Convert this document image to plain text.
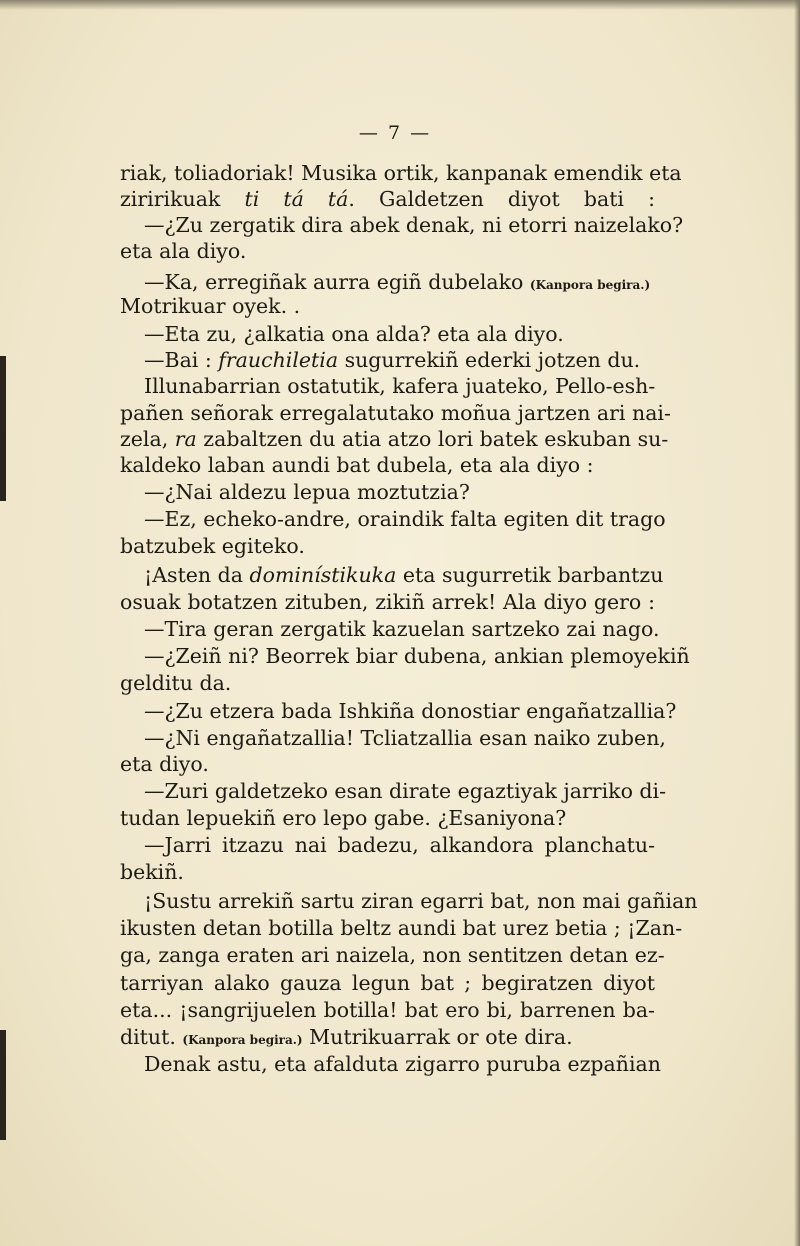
— 7 —
riak, toliadoriak! Musika ortik, kanpanak emendik eta
ziririkuak ti tá tá. Galdetzen diyot bati :
—¿Zu zergatik dira abek denak, ni etorri naizelako?
eta ala diyo.
—Ka, erregiñak aurra egiñ dubelako (Kanpora begira.)
Motrikuar oyek. .
—Eta zu, ¿alkatia ona alda? eta ala diyo.
—Bai : frauchiletia sugurrekiñ ederki jotzen du.
Illunabarrian ostatutik, kafera juateko, Pello-esh-
pañen señorak erregalatutako moñua jartzen ari nai-
zela, ra zabaltzen du atia atzo lori batek eskuban su-
kaldeko laban aundi bat dubela, eta ala diyo :
—¿Nai aldezu lepua moztutzia?
—Ez, echeko-andre, oraindik falta egiten dit trago
batzubek egiteko.
¡Asten da dominístikuka eta sugurretik barbantzu
osuak botatzen zituben, zikiñ arrek! Ala diyo gero :
—Tira geran zergatik kazuelan sartzeko zai nago.
—¿Zeiñ ni? Beorrek biar dubena, ankian plemoyekiñ
gelditu da.
—¿Zu etzera bada Ishkiña donostiar engañatzallia?
—¿Ni engañatzallia! Tcliatzallia esan naiko zuben,
eta diyo.
—Zuri galdetzeko esan dirate egaztiyak jarriko di-
tudan lepuekiñ ero lepo gabe. ¿Esaniyona?
—Jarri itzazu nai badezu, alkandora planchatu-
bekiñ.
¡Sustu arrekiñ sartu ziran egarri bat, non mai gañian
ikusten detan botilla beltz aundi bat urez betia ; ¡Zan-
ga, zanga eraten ari naizela, non sentitzen detan ez-
tarriyan alako gauza legun bat ; begiratzen diyot
eta... ¡sangrijuelen botilla! bat ero bi, barrenen ba-
ditut. (Kanpora begira.) Mutrikuarrak or ote dira.
Denak astu, eta afalduta zigarro puruba ezpañian
